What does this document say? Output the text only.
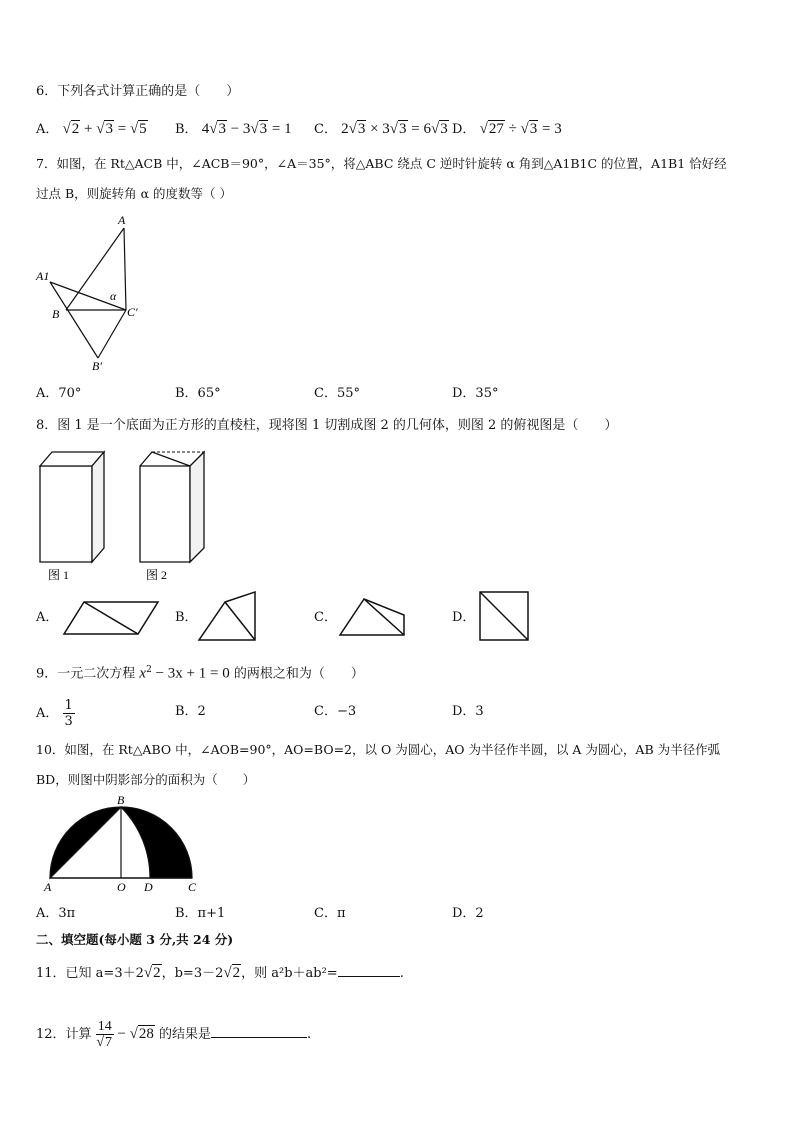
6．下列各式计算正确的是（　　）
A． √2 + √3 = √5 B． 4√3 − 3√3 = 1 C． 2√3 × 3√3 = 6√3 D． √27 ÷ √3 = 3
7．如图，在 Rt△ACB 中，∠ACB＝90°，∠A＝35°，将△ABC 绕点 C 逆时针旋转 α 角到△A1B1C 的位置，A1B1 恰好经
过点 B，则旋转角 α 的度数等（ ）
A
A1
B	C′
B′
α
A．70°	B．65°	C．55°	D．35°
8．图 1 是一个底面为正方形的直棱柱，现将图 1 切割成图 2 的几何体，则图 2 的俯视图是（　　）
图 1	图 2
A．	B．	C．	D．
9．一元二次方程 $x^2 - 3x + 1 = 0$ 的两根之和为（　　）
A． $\frac{1}{3}$	B．2	C．−3	D．3
10．如图，在 Rt△ABO 中，∠AOB=90°，AO=BO=2，以 O 为圆心，AO 为半径作半圆，以 A 为圆心，AB 为半径作弧
BD，则图中阴影部分的面积为（　　）
A
B
O D	C
A．3π	B．π+1	C．π	D．2
二、填空题(每小题 3 分,共 24 分)
11．已知 a=3＋2√2，b=3－2√2，则 a²b＋ab²=	.
12．计算 $\frac{14}{√7} - √28$ 的结果是	.
